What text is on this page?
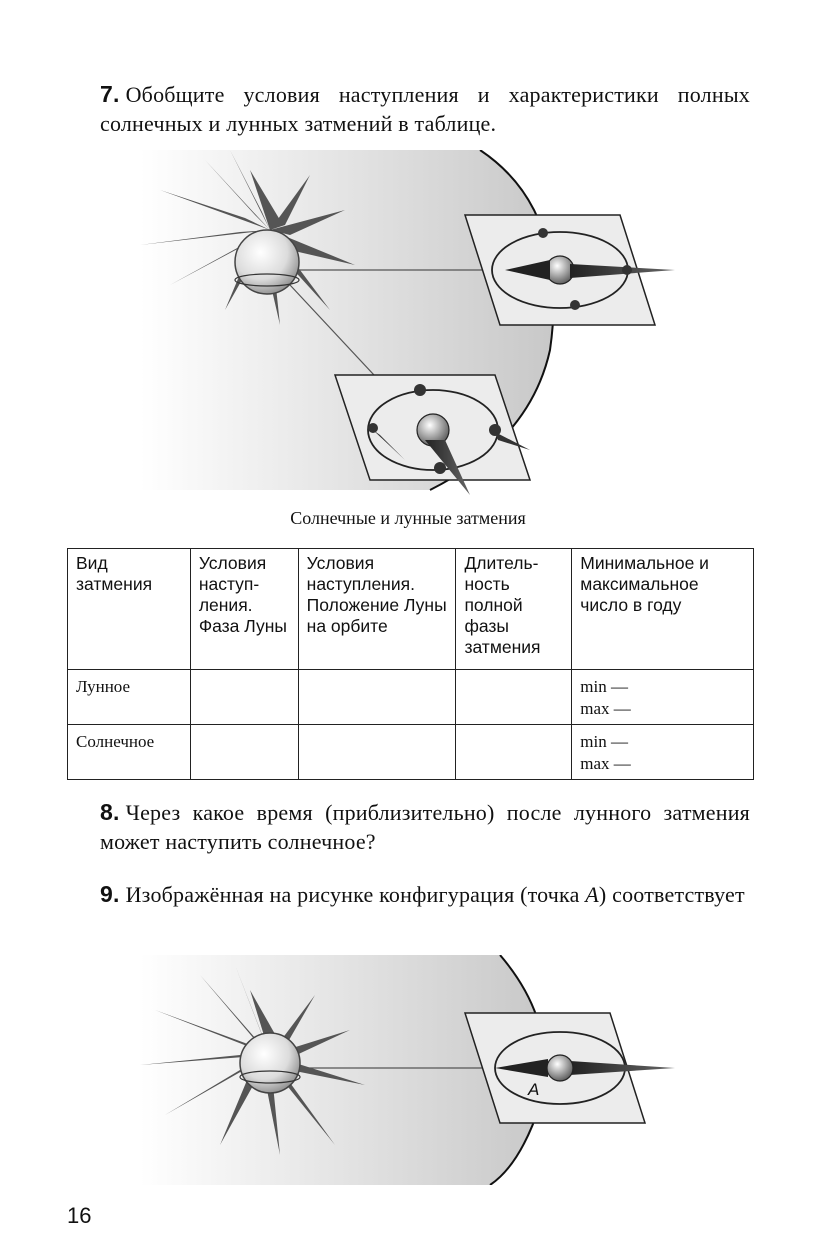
7. Обобщите условия наступления и характеристики полных солнечных и лунных затмений в таблице.
Солнечные и лунные затмения
Вид затмения	Условия наступ-ления. Фаза Луны	Условия наступления. Положение Луны на орбите	Длитель-ность полной фазы затмения	Минимальное и максимальное число в году
Лунное				min —
max —

Солнечное				min —
max —
8. Через какое время (приблизительно) после лунного затмения может наступить солнечное?
9. Изображённая на рисунке конфигурация (точка A) соответствует
A
16
